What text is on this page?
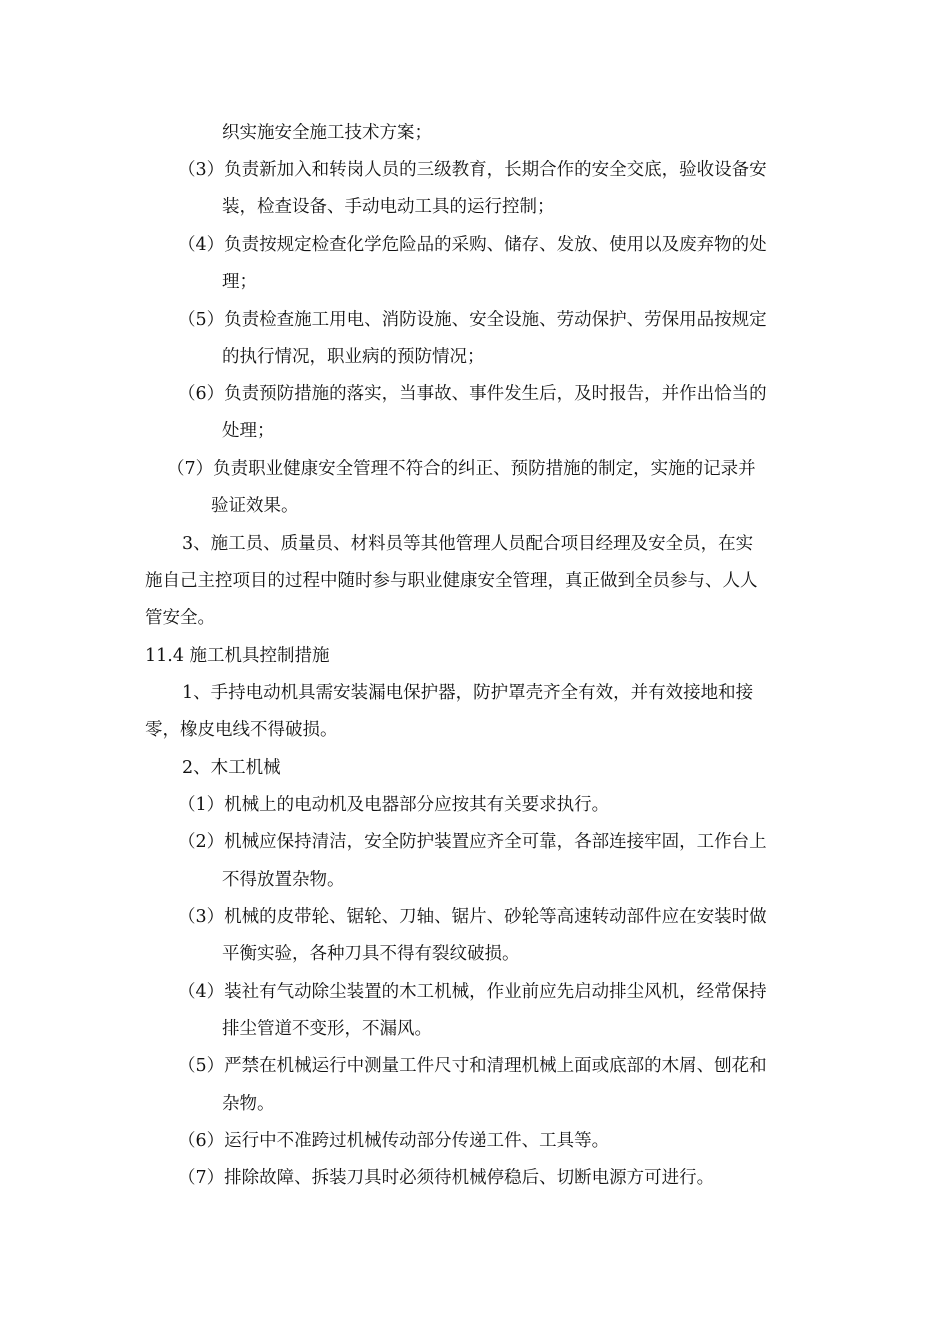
织实施安全施工技术方案；
（3）负责新加入和转岗人员的三级教育，长期合作的安全交底，验收设备安
装，检查设备、手动电动工具的运行控制；
（4）负责按规定检查化学危险品的采购、储存、发放、使用以及废弃物的处
理；
（5）负责检查施工用电、消防设施、安全设施、劳动保护、劳保用品按规定
的执行情况，职业病的预防情况；
（6）负责预防措施的落实，当事故、事件发生后，及时报告，并作出恰当的
处理；
（7）负责职业健康安全管理不符合的纠正、预防措施的制定，实施的记录并
验证效果。
3、施工员、质量员、材料员等其他管理人员配合项目经理及安全员，在实
施自己主控项目的过程中随时参与职业健康安全管理，真正做到全员参与、人人
管安全。
11.4 施工机具控制措施
1、手持电动机具需安装漏电保护器，防护罩壳齐全有效，并有效接地和接
零，橡皮电线不得破损。
2、木工机械
（1）机械上的电动机及电器部分应按其有关要求执行。
（2）机械应保持清洁，安全防护装置应齐全可靠，各部连接牢固，工作台上
不得放置杂物。
（3）机械的皮带轮、锯轮、刀轴、锯片、砂轮等高速转动部件应在安装时做
平衡实验，各种刀具不得有裂纹破损。
（4）装社有气动除尘装置的木工机械，作业前应先启动排尘风机，经常保持
排尘管道不变形，不漏风。
（5）严禁在机械运行中测量工件尺寸和清理机械上面或底部的木屑、刨花和
杂物。
（6）运行中不准跨过机械传动部分传递工件、工具等。
（7）排除故障、拆装刀具时必须待机械停稳后、切断电源方可进行。
